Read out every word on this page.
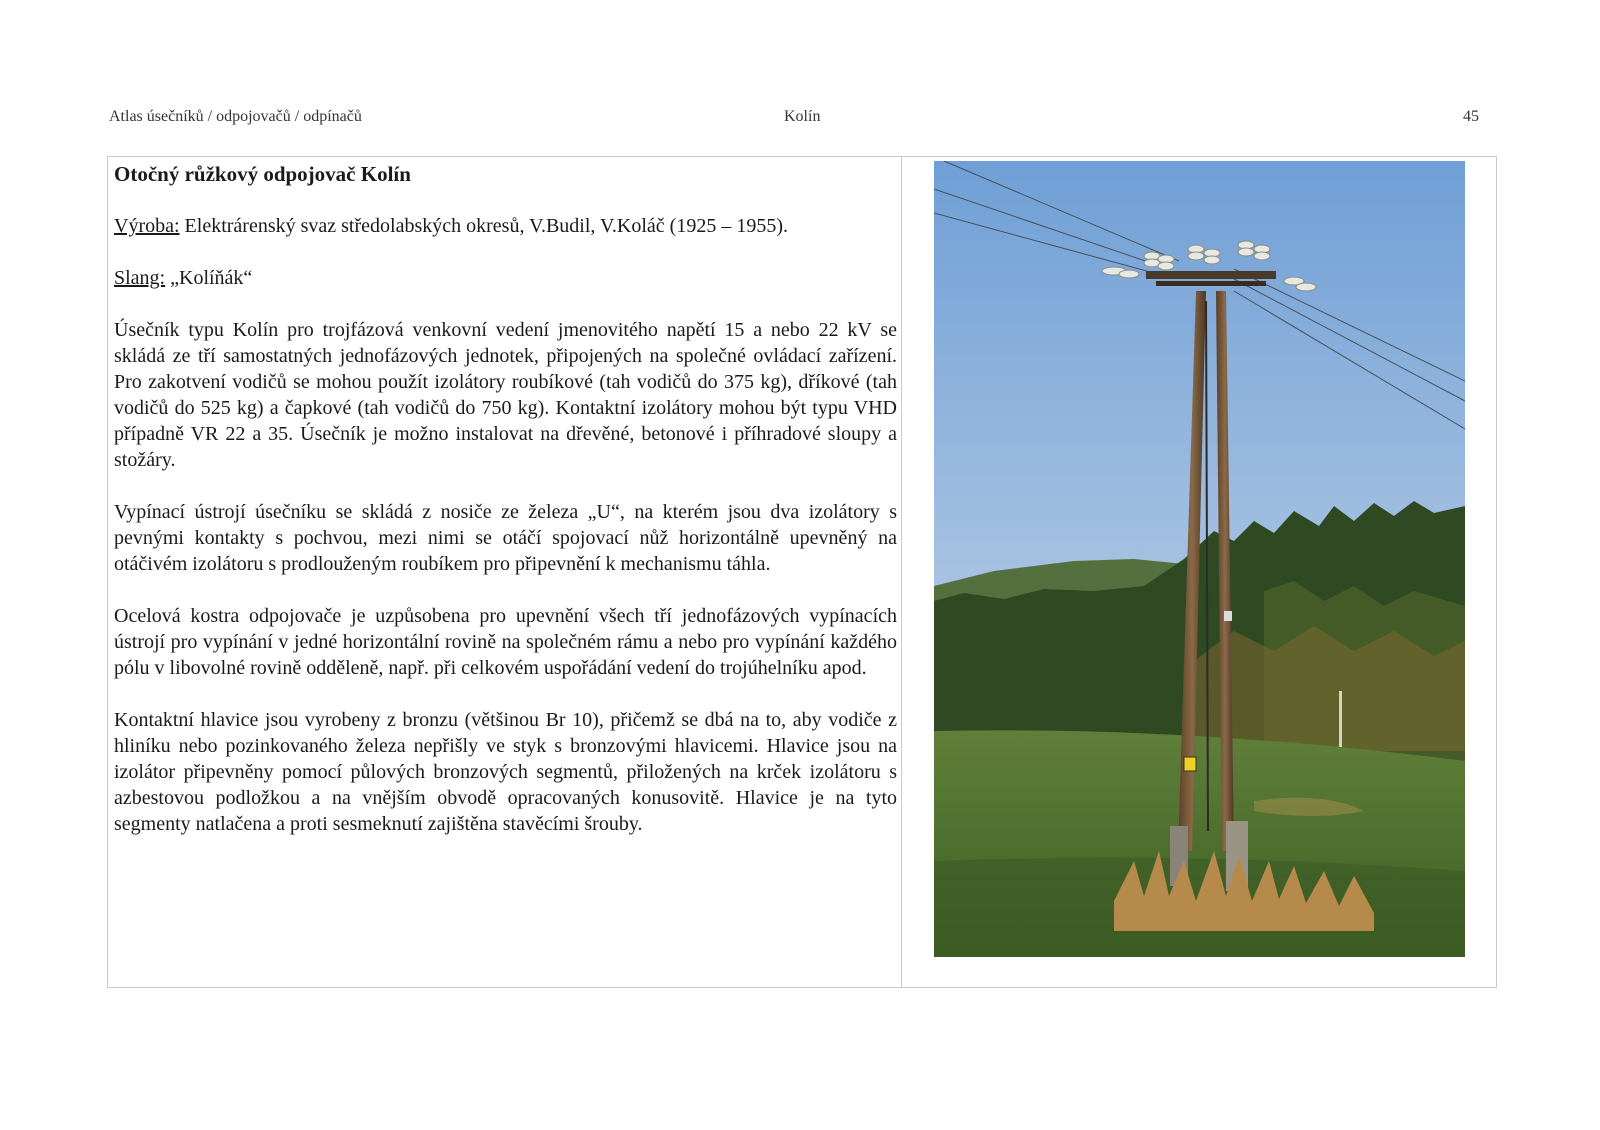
Atlas úsečníků / odpojovačů / odpínačů	Kolín	45
Otočný růžkový odpojovač Kolín
Výroba: Elektrárenský svaz středolabských okresů, V.Budil, V.Koláč (1925 – 1955).
Slang: „Kolíňák“
Úsečník typu Kolín pro trojfázová venkovní vedení jmenovitého napětí 15 a nebo 22 kV se skládá ze tří samostatných jednofázových jednotek, připojených na společné ovládací zařízení. Pro zakotvení vodičů se mohou použít izolátory roubíkové (tah vodičů do 375 kg), dříkové (tah vodičů do 525 kg) a čapkové (tah vodičů do 750 kg). Kontaktní izolátory mohou být typu VHD případně VR 22 a 35. Úsečník je možno instalovat na dřevěné, betonové i příhradové sloupy a stožáry.
Vypínací ústrojí úsečníku se skládá z nosiče ze železa „U“, na kterém jsou dva izolátory s pevnými kontakty s pochvou, mezi nimi se otáčí spojovací nůž horizontálně upevněný na otáčivém izolátoru s prodlouženým roubíkem pro připevnění k mechanismu táhla.
Ocelová kostra odpojovače je uzpůsobena pro upevnění všech tří jednofázových vypínacích ústrojí pro vypínání v jedné horizontální rovině na společném rámu a nebo pro vypínání každého pólu v libovolné rovině odděleně, např. při celkovém uspořádání vedení do trojúhelníku apod.
Kontaktní hlavice jsou vyrobeny z bronzu (většinou Br 10), přičemž se dbá na to, aby vodiče z hliníku nebo pozinkovaného železa nepřišly ve styk s bronzovými hlavicemi. Hlavice jsou na izolátor připevněny pomocí půlových bronzových segmentů, přiložených na krček izolátoru s azbestovou podložkou a na vnějším obvodě opracovaných konusovitě. Hlavice je na tyto segmenty natlačena a proti sesmeknutí zajištěna stavěcími šrouby.
